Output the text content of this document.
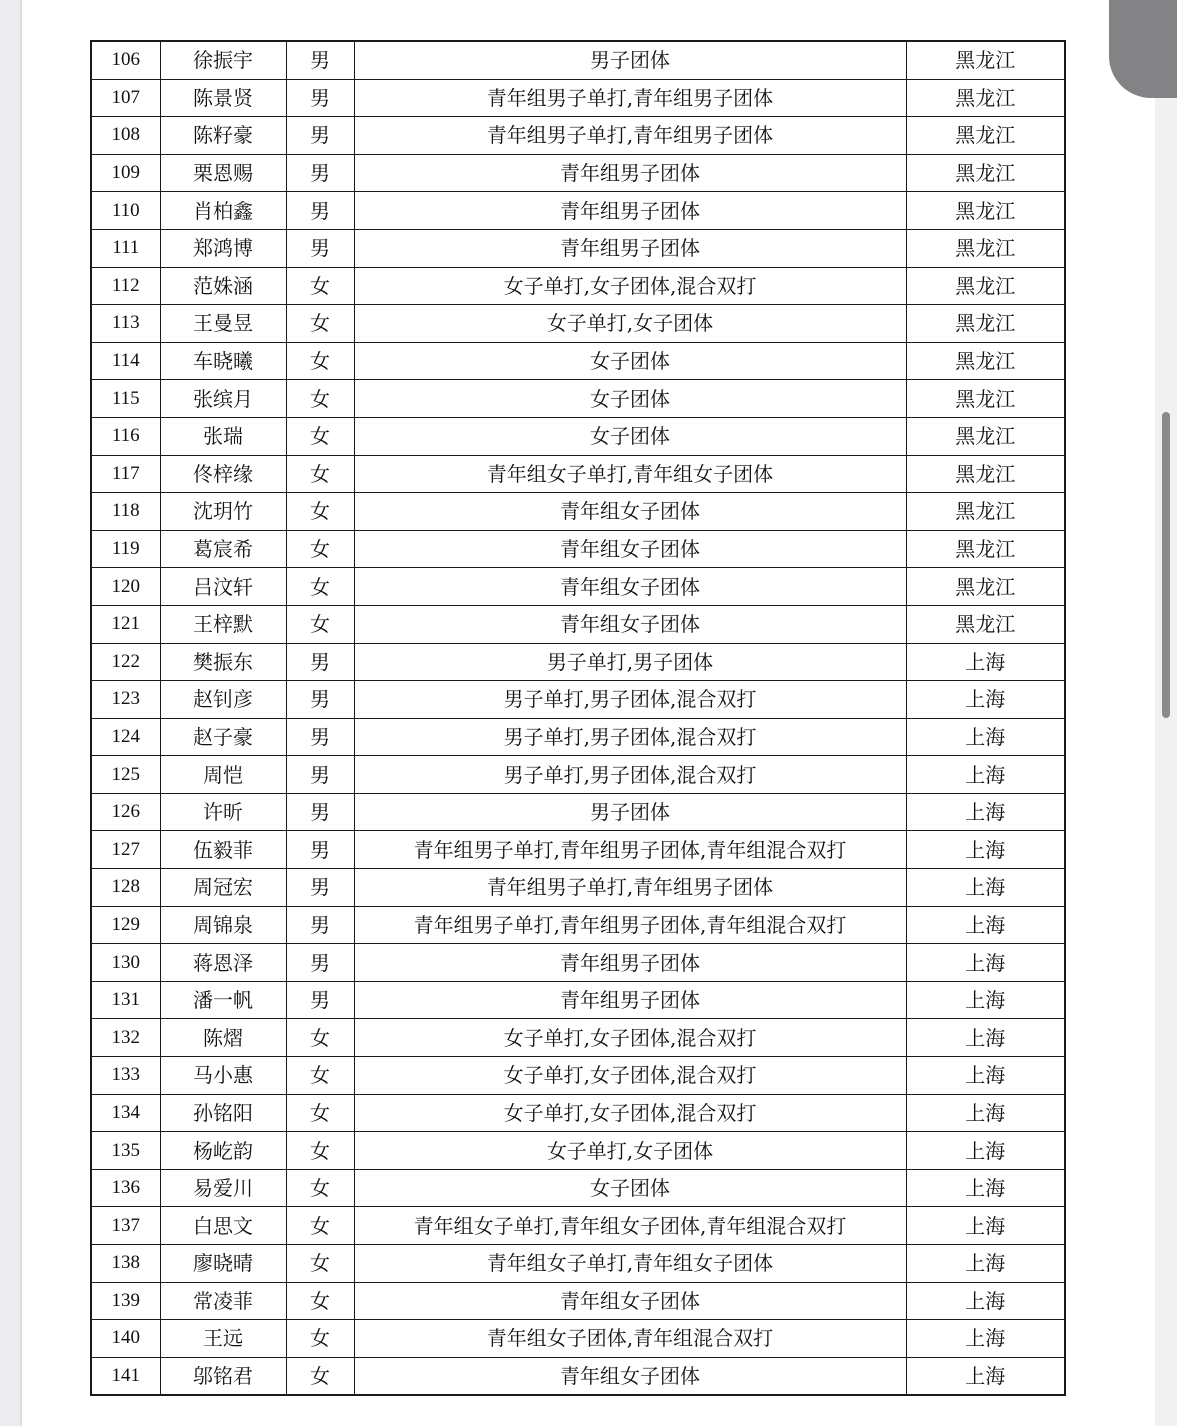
106	徐振宇	男	男子团体	黑龙江
107	陈景贤	男	青年组男子单打,青年组男子团体	黑龙江
108	陈籽豪	男	青年组男子单打,青年组男子团体	黑龙江
109	栗恩赐	男	青年组男子团体	黑龙江
110	肖柏鑫	男	青年组男子团体	黑龙江
111	郑鸿博	男	青年组男子团体	黑龙江
112	范姝涵	女	女子单打,女子团体,混合双打	黑龙江
113	王曼昱	女	女子单打,女子团体	黑龙江
114	车晓曦	女	女子团体	黑龙江
115	张缤月	女	女子团体	黑龙江
116	张瑞	女	女子团体	黑龙江
117	佟梓缘	女	青年组女子单打,青年组女子团体	黑龙江
118	沈玥竹	女	青年组女子团体	黑龙江
119	葛宸希	女	青年组女子团体	黑龙江
120	吕汶轩	女	青年组女子团体	黑龙江
121	王梓默	女	青年组女子团体	黑龙江
122	樊振东	男	男子单打,男子团体	上海
123	赵钊彦	男	男子单打,男子团体,混合双打	上海
124	赵子豪	男	男子单打,男子团体,混合双打	上海
125	周恺	男	男子单打,男子团体,混合双打	上海
126	许昕	男	男子团体	上海
127	伍毅菲	男	青年组男子单打,青年组男子团体,青年组混合双打	上海
128	周冠宏	男	青年组男子单打,青年组男子团体	上海
129	周锦泉	男	青年组男子单打,青年组男子团体,青年组混合双打	上海
130	蒋恩泽	男	青年组男子团体	上海
131	潘一帆	男	青年组男子团体	上海
132	陈熠	女	女子单打,女子团体,混合双打	上海
133	马小惠	女	女子单打,女子团体,混合双打	上海
134	孙铭阳	女	女子单打,女子团体,混合双打	上海
135	杨屹韵	女	女子单打,女子团体	上海
136	易爱川	女	女子团体	上海
137	白思文	女	青年组女子单打,青年组女子团体,青年组混合双打	上海
138	廖晓晴	女	青年组女子单打,青年组女子团体	上海
139	常凌菲	女	青年组女子团体	上海
140	王远	女	青年组女子团体,青年组混合双打	上海
141	邬铭君	女	青年组女子团体	上海
